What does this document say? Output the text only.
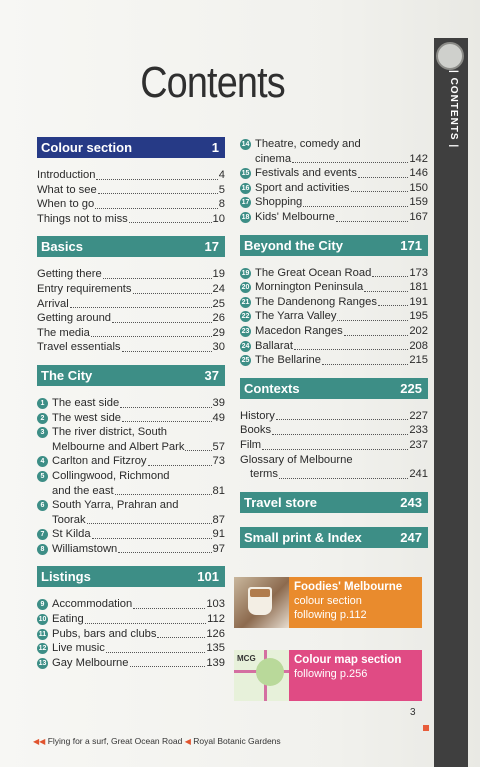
Contents
Colour section	1
Introduction	4
What to see	5
When to go	8
Things not to miss	10
Basics	17
Getting there	19
Entry requirements	24
Arrival	25
Getting around	26
The media	29
Travel essentials	30
The City	37
1 The east side	39
2 The west side	49
3 The river district, South
Melbourne and Albert Park	57
4 Carlton and Fitzroy	73
5 Collingwood, Richmond
and the east	81
6 South Yarra, Prahran and
Toorak	87
7 St Kilda	91
8 Williamstown	97
Listings	101
9 Accommodation	103
10 Eating	112
11 Pubs, bars and clubs	126
12 Live music	135
13 Gay Melbourne	139
14 Theatre, comedy and
cinema	142
15 Festivals and events	146
16 Sport and activities	150
17 Shopping	159
18 Kids' Melbourne	167
Beyond the City	171
19 The Great Ocean Road	173
20 Mornington Peninsula	181
21 The Dandenong Ranges	191
22 The Yarra Valley	195
23 Macedon Ranges	202
24 Ballarat	208
25 The Bellarine	215
Contexts	225
History	227
Books	233
Film	237
Glossary of Melbourne
terms	241
Travel store	243
Small print & Index	247
Foodies' Melbourne
colour section
following p.112
MCG	Colour map section
following p.256
| CONTENTS |
3
◀◀ Flying for a surf, Great Ocean Road ◀ Royal Botanic Gardens
